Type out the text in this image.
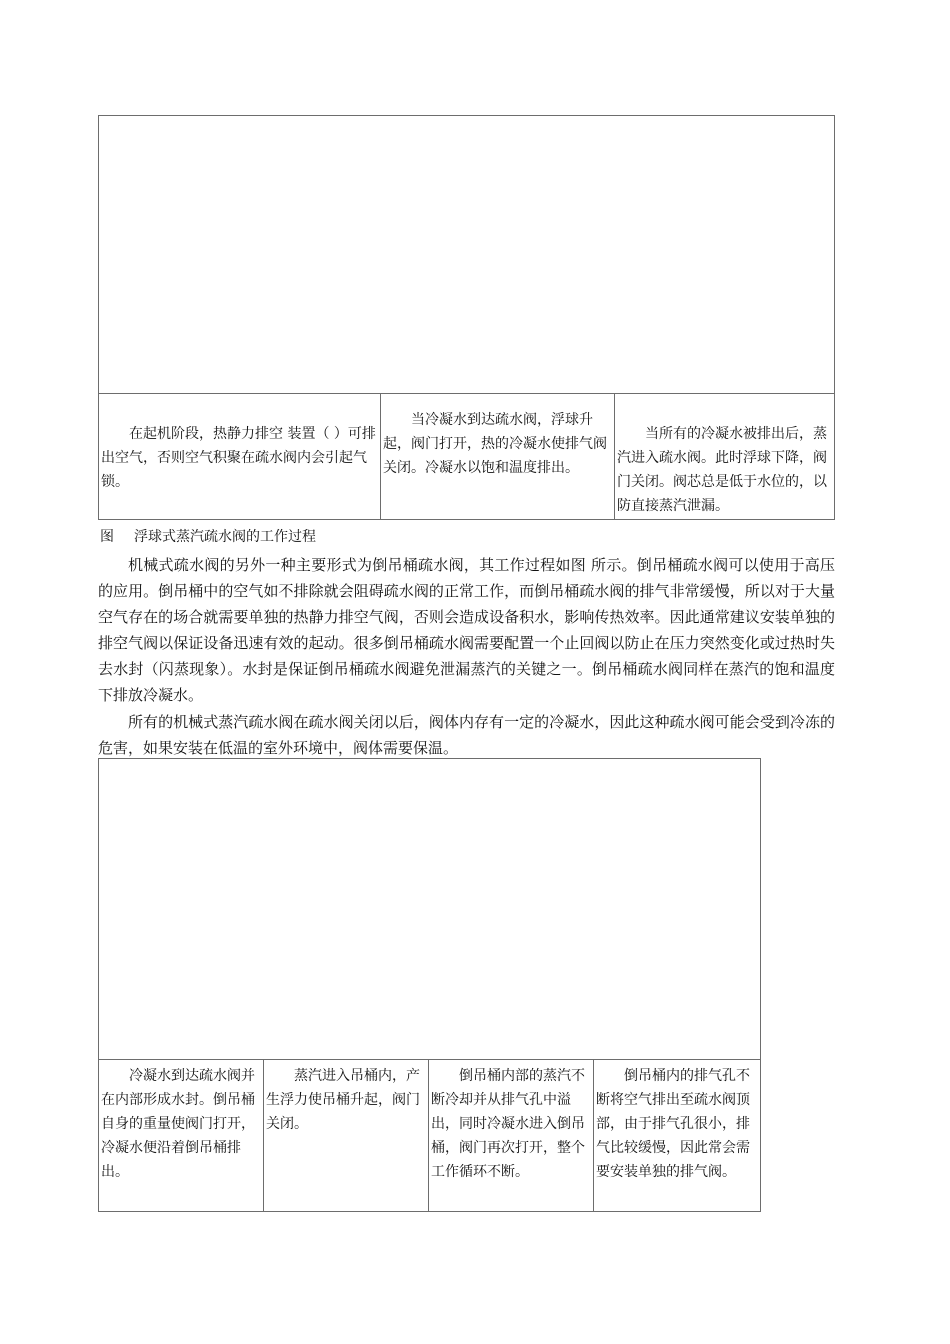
在起机阶段，热静力排空 装置（ ）可排出空气，否则空气积聚在疏水阀内会引起气锁。
当冷凝水到达疏水阀，浮球升起，阀门打开，热的冷凝水使排气阀关闭。冷凝水以饱和温度排出。
当所有的冷凝水被排出后，蒸汽进入疏水阀。此时浮球下降，阀门关闭。阀芯总是低于水位的，以防直接蒸汽泄漏。
图 浮球式蒸汽疏水阀的工作过程

机械式疏水阀的另外一种主要形式为倒吊桶疏水阀，其工作过程如图 所示。倒吊桶疏水阀可以使用于高压的应用。倒吊桶中的空气如不排除就会阻碍疏水阀的正常工作，而倒吊桶疏水阀的排气非常缓慢，所以对于大量空气存在的场合就需要单独的热静力排空气阀，否则会造成设备积水，影响传热效率。因此通常建议安装单独的排空气阀以保证设备迅速有效的起动。很多倒吊桶疏水阀需要配置一个止回阀以防止在压力突然变化或过热时失去水封（闪蒸现象）。水封是保证倒吊桶疏水阀避免泄漏蒸汽的关键之一。倒吊桶疏水阀同样在蒸汽的饱和温度下排放冷凝水。

所有的机械式蒸汽疏水阀在疏水阀关闭以后，阀体内存有一定的冷凝水，因此这种疏水阀可能会受到冷冻的危害，如果安装在低温的室外环境中，阀体需要保温。

冷凝水到达疏水阀并在内部形成水封。倒吊桶自身的重量使阀门打开，冷凝水便沿着倒吊桶排出。
蒸汽进入吊桶内，产生浮力使吊桶升起，阀门关闭。
倒吊桶内部的蒸汽不断冷却并从排气孔中溢出，同时冷凝水进入倒吊桶，阀门再次打开，整个工作循环不断。
倒吊桶内的排气孔不断将空气排出至疏水阀顶部，由于排气孔很小，排气比较缓慢，因此常会需要安装单独的排气阀。
